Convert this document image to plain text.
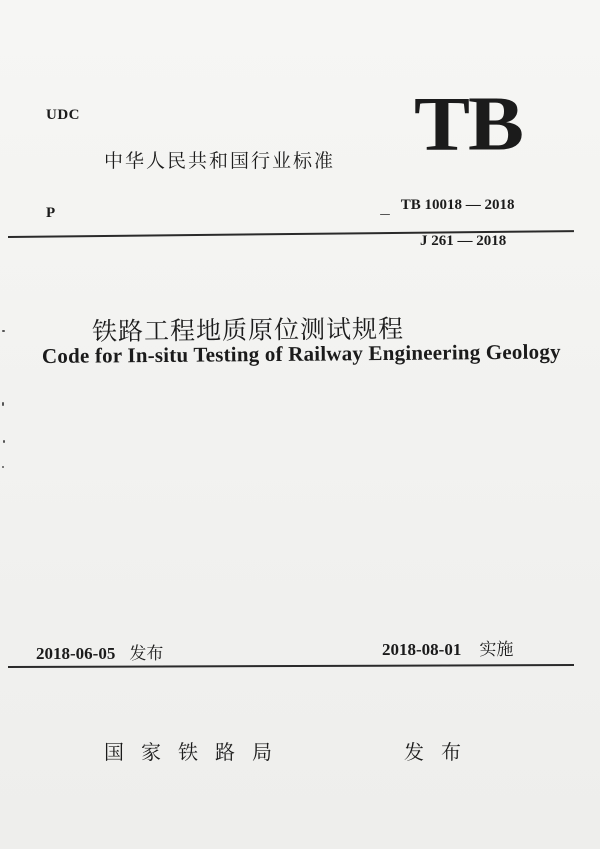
UDC
中华人民共和国行业标准
P
TB

TB 10018 — 2018

J 261 — 2018

铁路工程地质原位测试规程
Code for In-situ Testing of Railway Engineering Geology
2018-06-05 发布	2018-08-01 实施
国家铁路局	发布
